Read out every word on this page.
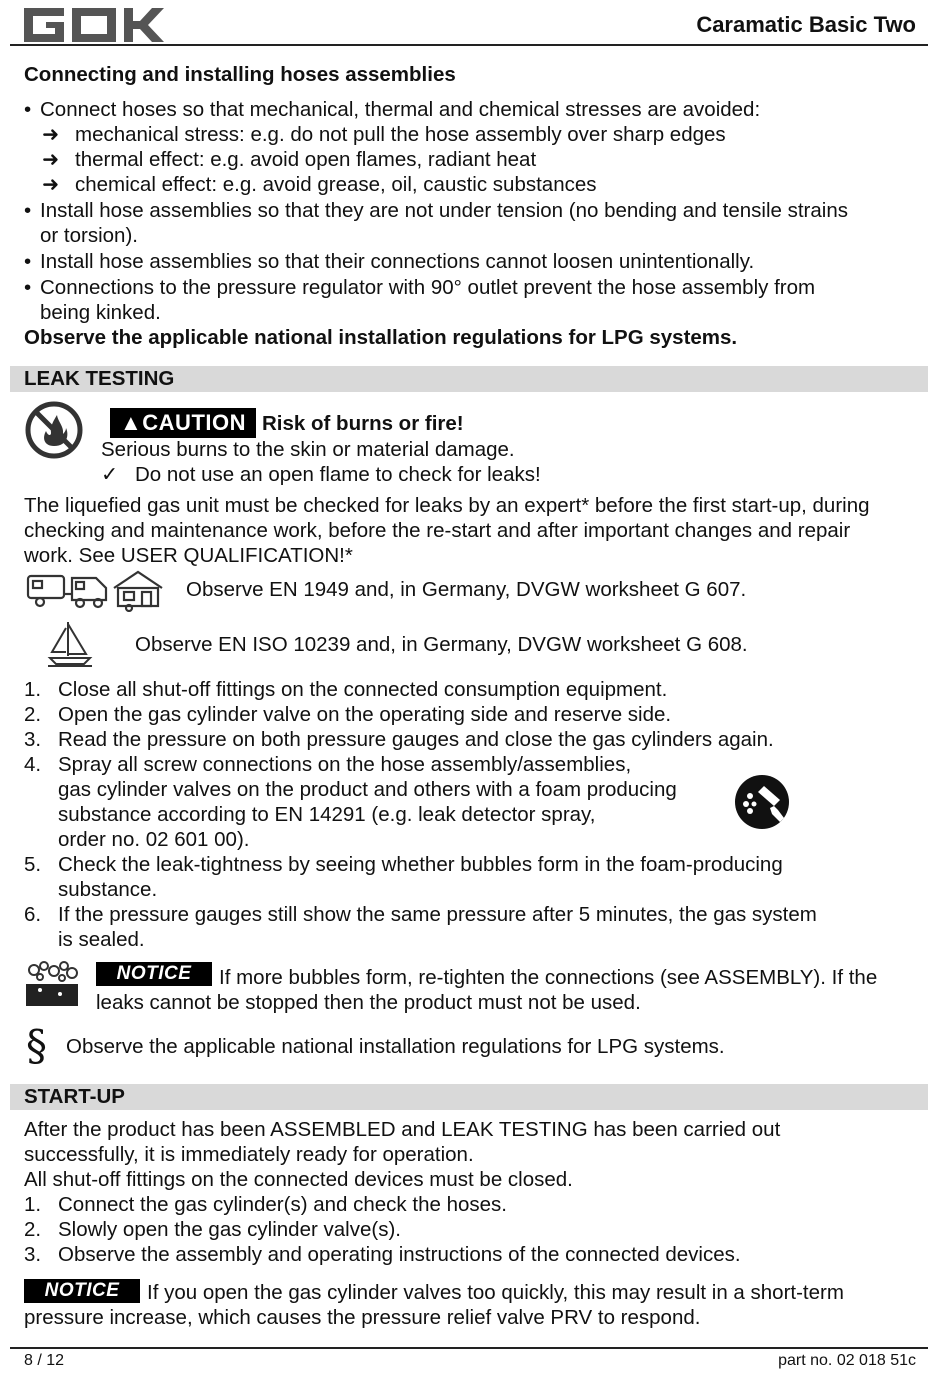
Caramatic Basic Two
Connecting and installing hoses assemblies
• Connect hoses so that mechanical, thermal and chemical stresses are avoided:
➜ mechanical stress: e.g. do not pull the hose assembly over sharp edges
➜ thermal effect: e.g. avoid open flames, radiant heat
➜ chemical effect: e.g. avoid grease, oil, caustic substances
• Install hose assemblies so that they are not under tension (no bending and tensile strains
or torsion).
• Install hose assemblies so that their connections cannot loosen unintentionally.
• Connections to the pressure regulator with 90° outlet prevent the hose assembly from
being kinked.
Observe the applicable national installation regulations for LPG systems.
LEAK TESTING
▲CAUTION Risk of burns or fire!
Serious burns to the skin or material damage.
✓ Do not use an open flame to check for leaks!
The liquefied gas unit must be checked for leaks by an expert* before the first start-up, during
checking and maintenance work, before the re-start and after important changes and repair
work. See USER QUALIFICATION!*
Observe EN 1949 and, in Germany, DVGW worksheet G 607.
Observe EN ISO 10239 and, in Germany, DVGW worksheet G 608.
1. Close all shut-off fittings on the connected consumption equipment.
2. Open the gas cylinder valve on the operating side and reserve side.
3. Read the pressure on both pressure gauges and close the gas cylinders again.
4. Spray all screw connections on the hose assembly/assemblies,
gas cylinder valves on the product and others with a foam producing
substance according to EN 14291 (e.g. leak detector spray,
order no. 02 601 00).
5. Check the leak-tightness by seeing whether bubbles form in the foam-producing
substance.
6. If the pressure gauges still show the same pressure after 5 minutes, the gas system
is sealed.
NOTICE	If more bubbles form, re-tighten the connections (see ASSEMBLY). If the
leaks cannot be stopped then the product must not be used.
§ Observe the applicable national installation regulations for LPG systems.
START-UP
After the product has been ASSEMBLED and LEAK TESTING has been carried out
successfully, it is immediately ready for operation.
All shut-off fittings on the connected devices must be closed.
1. Connect the gas cylinder(s) and check the hoses.
2. Slowly open the gas cylinder valve(s).
3. Observe the assembly and operating instructions of the connected devices.
NOTICE	If you open the gas cylinder valves too quickly, this may result in a short-term
pressure increase, which causes the pressure relief valve PRV to respond.
8 / 12	part no. 02 018 51c
